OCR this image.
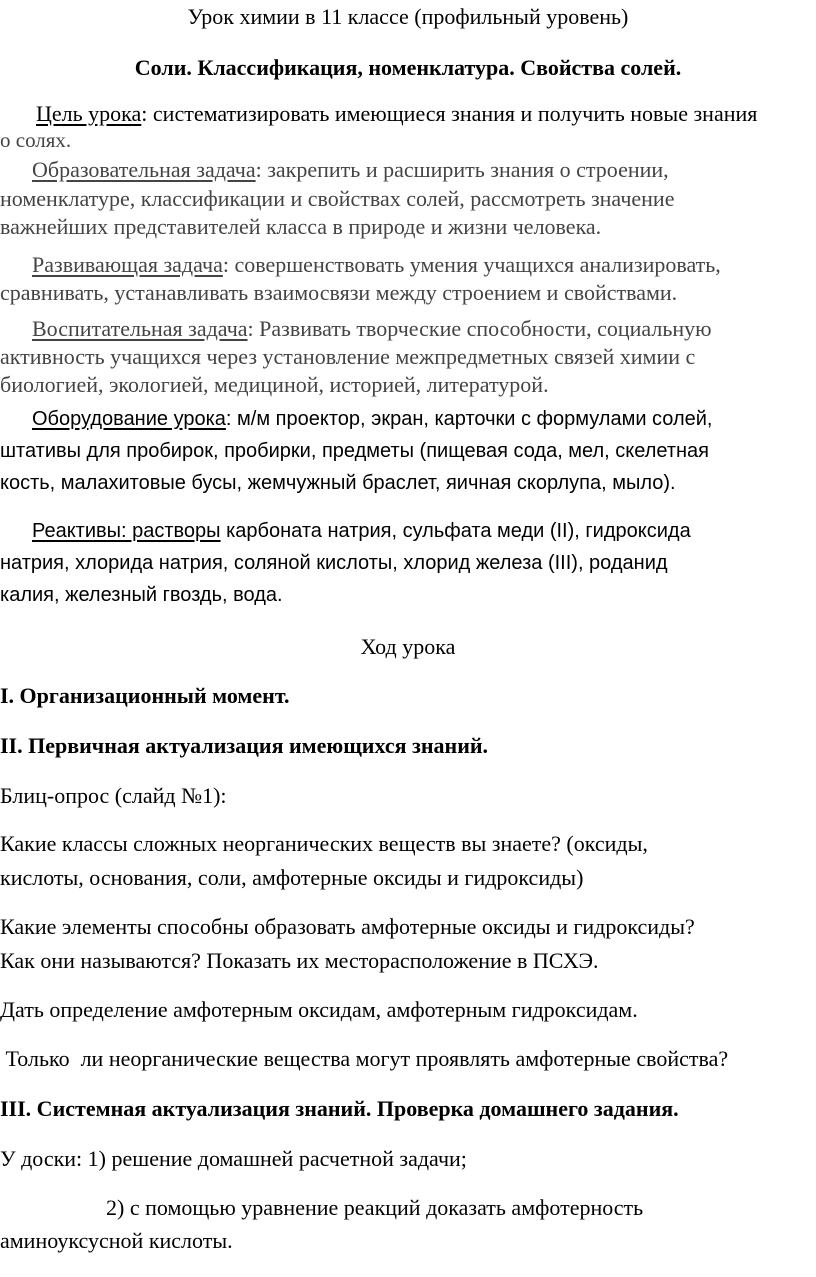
Урок химии в 11 классе (профильный уровень)
Соли. Классификация, номенклатура. Свойства солей.
Цель урока: систематизировать имеющиеся знания и получить новые знания
о солях.
Образовательная задача: закрепить и расширить знания о строении,
номенклатуре, классификации и свойствах солей, рассмотреть значение
важнейших представителей класса в природе и жизни человека.
Развивающая задача: совершенствовать умения учащихся анализировать,
сравнивать, устанавливать взаимосвязи между строением и свойствами.
Воспитательная задача: Развивать творческие способности, социальную
активность учащихся через установление межпредметных связей химии с
биологией, экологией, медициной, историей, литературой.
Оборудование урока: м/м проектор, экран, карточки с формулами солей,
штативы для пробирок, пробирки, предметы (пищевая сода, мел, скелетная
кость, малахитовые бусы, жемчужный браслет, яичная скорлупа, мыло).
Реактивы: растворы карбоната натрия, сульфата меди (II), гидроксида
натрия, хлорида натрия, соляной кислоты, хлорид железа (III), роданид
калия, железный гвоздь, вода.
Ход урока
I. Организационный момент.
II. Первичная актуализация имеющихся знаний.
Блиц-опрос (слайд №1):
Какие классы сложных неорганических веществ вы знаете? (оксиды,
кислоты, основания, соли, амфотерные оксиды и гидроксиды)
Какие элементы способны образовать амфотерные оксиды и гидроксиды?
Как они называются? Показать их месторасположение в ПСХЭ.
Дать определение амфотерным оксидам, амфотерным гидроксидам.
Только  ли неорганические вещества могут проявлять амфотерные свойства?
III. Системная актуализация знаний. Проверка домашнего задания.
У доски: 1) решение домашней расчетной задачи;
2) с помощью уравнение реакций доказать амфотерность
аминоуксусной кислоты.
